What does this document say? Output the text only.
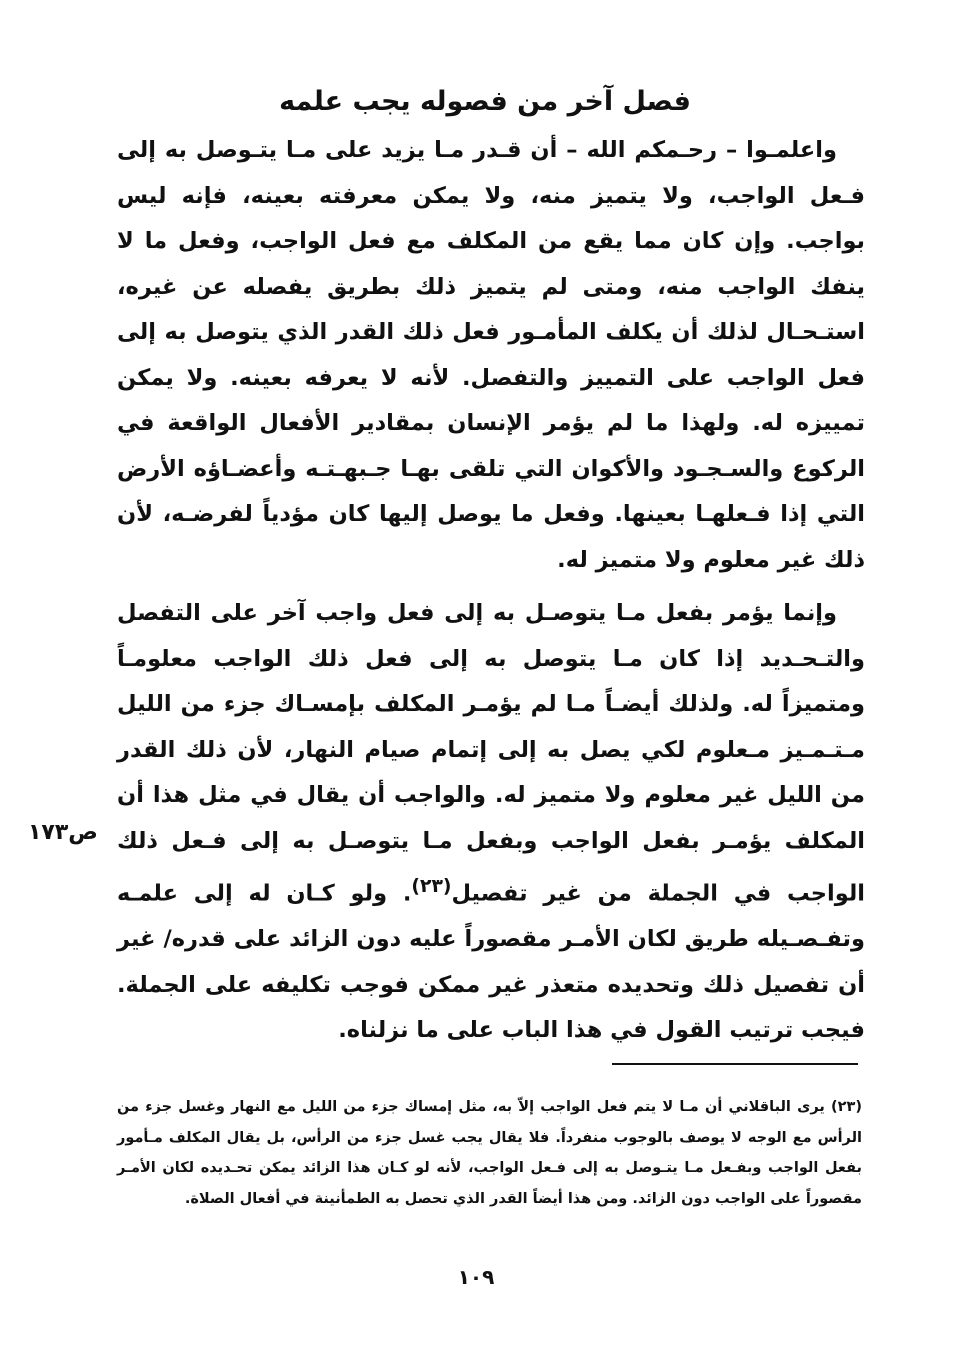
فصل آخر من فصوله يجب علمه

واعلمـوا – رحـمكم الله – أن قـدر مـا يزيد على مـا يتـوصل به إلى فـعل الواجب، ولا يتميز منه، ولا يمكن معرفته بعينه، فإنه ليس بواجب. وإن كان مما يقع من المكلف مع فعل الواجب، وفعل ما لا ينفك الواجب منه، ومتى لم يتميز ذلك بطريق يفصله عن غيره، استـحـال لذلك أن يكلف المأمـور فعل ذلك القدر الذي يتوصل به إلى فعل الواجب على التمييز والتفصل. لأنه لا يعرفه بعينه. ولا يمكن تمييزه له. ولهذا ما لم يؤمر الإنسان بمقادير الأفعال الواقعة في الركوع والسـجـود والأكوان التي تلقى بهـا جـبهـتـه وأعضـاؤه الأرض التي إذا فـعلهـا بعينها. وفعل ما يوصل إليها كان مؤدياً لفرضـه، لأن ذلك غير معلوم ولا متميز له.

وإنما يؤمر بفعل مـا يتوصـل به إلى فعل واجب آخر على التفصل والتـحـديد إذا كان مـا يتوصل به إلى فعل ذلك الواجب معلومـاً ومتميزاً له. ولذلك أيضـاً مـا لم يؤمـر المكلف بإمسـاك جزء من الليل مـتـمـيز مـعلوم لكي يصل به إلى إتمام صيام النهار، لأن ذلك القدر من الليل غير معلوم ولا متميز له. والواجب أن يقال في مثل هذا أن المكلف يؤمـر بفعل الواجب وبفعل مـا يتوصـل به إلى فـعل ذلك الواجب في الجملة من غير تفصيل$^{(٢٣)}$. ولو كـان له إلى علمـه وتفـصـيله طريق لكان الأمـر مقصوراً عليه دون الزائد على قدره/ غير أن تفصيل ذلك وتحديده متعذر غير ممكن فوجب تكليفه على الجملة. فيجب ترتيب القول في هذا الباب على ما نزلناه.

ص١٧٣

(٢٣) يرى الباقلاني أن مـا لا يتم فعل الواجب إلاّ به، مثل إمساك جزء من الليل مع النهار وغسل جزء من الرأس مع الوجه لا يوصف بالوجوب منفرداً. فلا يقال يجب غسل جزء من الرأس، بل يقال المكلف مـأمور بفعل الواجب وبفـعل مـا يتـوصل به إلى فـعل الواجب، لأنه لو كـان هذا الزائد يمكن تحـديده لكان الأمـر مقصوراً على الواجب دون الزائد. ومن هذا أيضاً القدر الذي تحصل به الطمأنينة في أفعال الصلاة.

١٠٩
